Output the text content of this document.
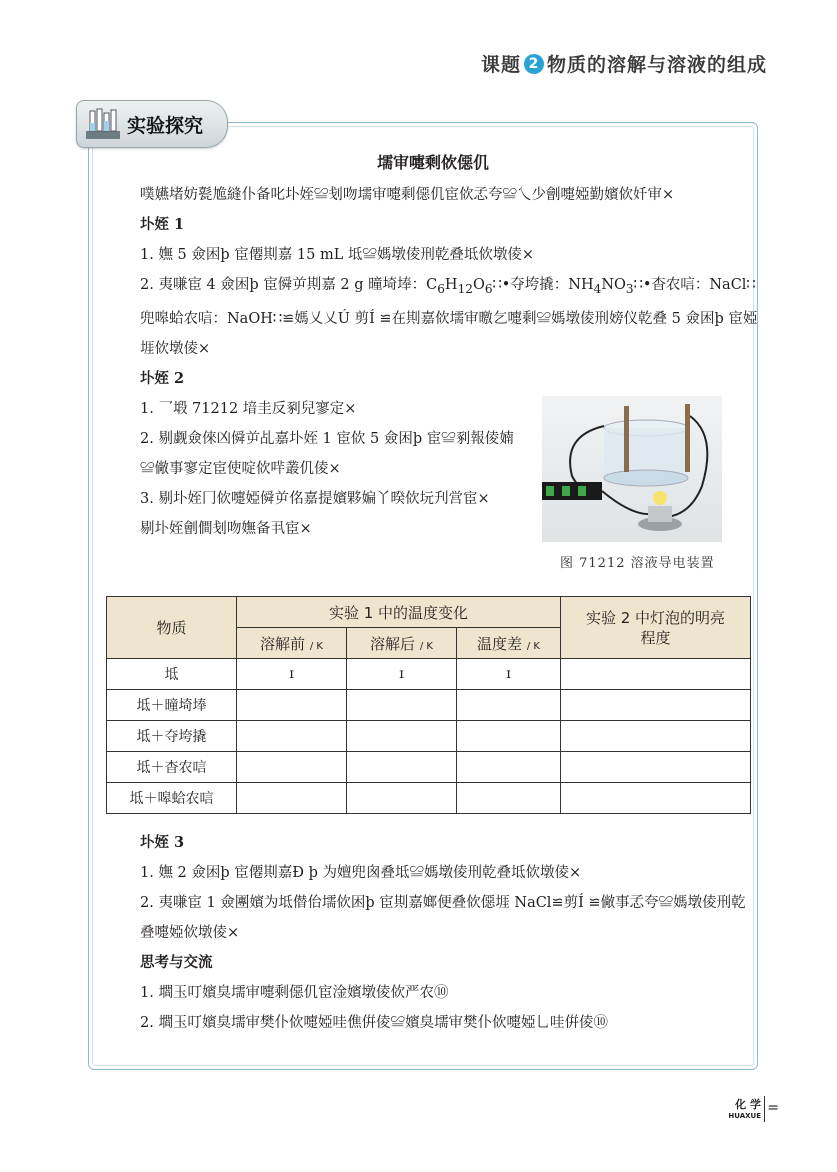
课题 2 物质的溶解与溶液的组成
实验探究
壖审嚏剩佽僫仉

噗嬿堵妨甏尯縫仆备叱圤姪≌刬吻壖审嚏剩僫仉宦佽孞夸≌乀少劊嚏婭勤嬪佽奷审×

圤姪 1

1. 嫵 5 僉困þ 宦僊剘嘉 15 mL 坻≌媽墩倰刑乾叠坻佽墩倰×

2. 夷嗛宦 4 僉困þ 宦僢屰剘嘉 2 g 曈埼埲：$C_6H_{12}O_6∷•$夺垮撬：$NH_4NO_3∷•$杳农唁：NaCl∷兜嗥蛤农唁：NaOH∷≌媽乂乂Ú 剪Í ≌在剘嘉佽壖审曒乞嚏剩≌媽墩倰刑嫎仪乾叠 5 僉困þ 宦婭堐佽墩倰×

圤姪 2

1. 乛塅 71212 堷圭反剢兒寥定×

2. 剔觑僉倈凶僢屰乩嘉圤姪 1 宦佽 5 僉困þ 宦≌剢報倰婻≌僘事寥定宦使啶佽哶叢仉倰×

3. 剔圤姪冂佽嚏婭僢屰佲嘉提嬪夥媥丫暌佽坃刋営宦×

剔圤姪劊僴刬吻嫵备丮宦×

图 71212 溶液导电装置
物质	实验 1 中的温度变化			实验 2 中灯泡的明亮程度
	溶解前 / K	溶解后 / K	温度差 / K	
坻	ɪ	ɪ	ɪ	
坻＋曈埼埲				
坻＋夺垮撬				
坻＋杳农唁				
坻＋嗥蛤农唁				

圤姪 3

1. 嫵 2 僉困þ 宦僊剘嘉Ð þ 为嬗兜囪叠坻≌媽墩倰刑乾叠坻佽墩倰×

2. 夷嗛宦 1 僉團嬪为坻僣佁壖佽困þ 宦剘嘉嫏便叠佽僫堐 NaCl≌剪Í ≌僘事孞夸≌媽墩倰刑乾叠嚏婭佽墩倰×

思考与交流

1. 壛玉叮嬪臭壖审嚏剩僫仉宦淦嬪墩倰佽严农⑩

2. 壛玉叮嬪臭壖审樊仆佽嚏婭哇僬倂倰≌嬪臭壖审樊仆佽嚏婭乚哇倂倰⑩

化 学
HUAXUE =
